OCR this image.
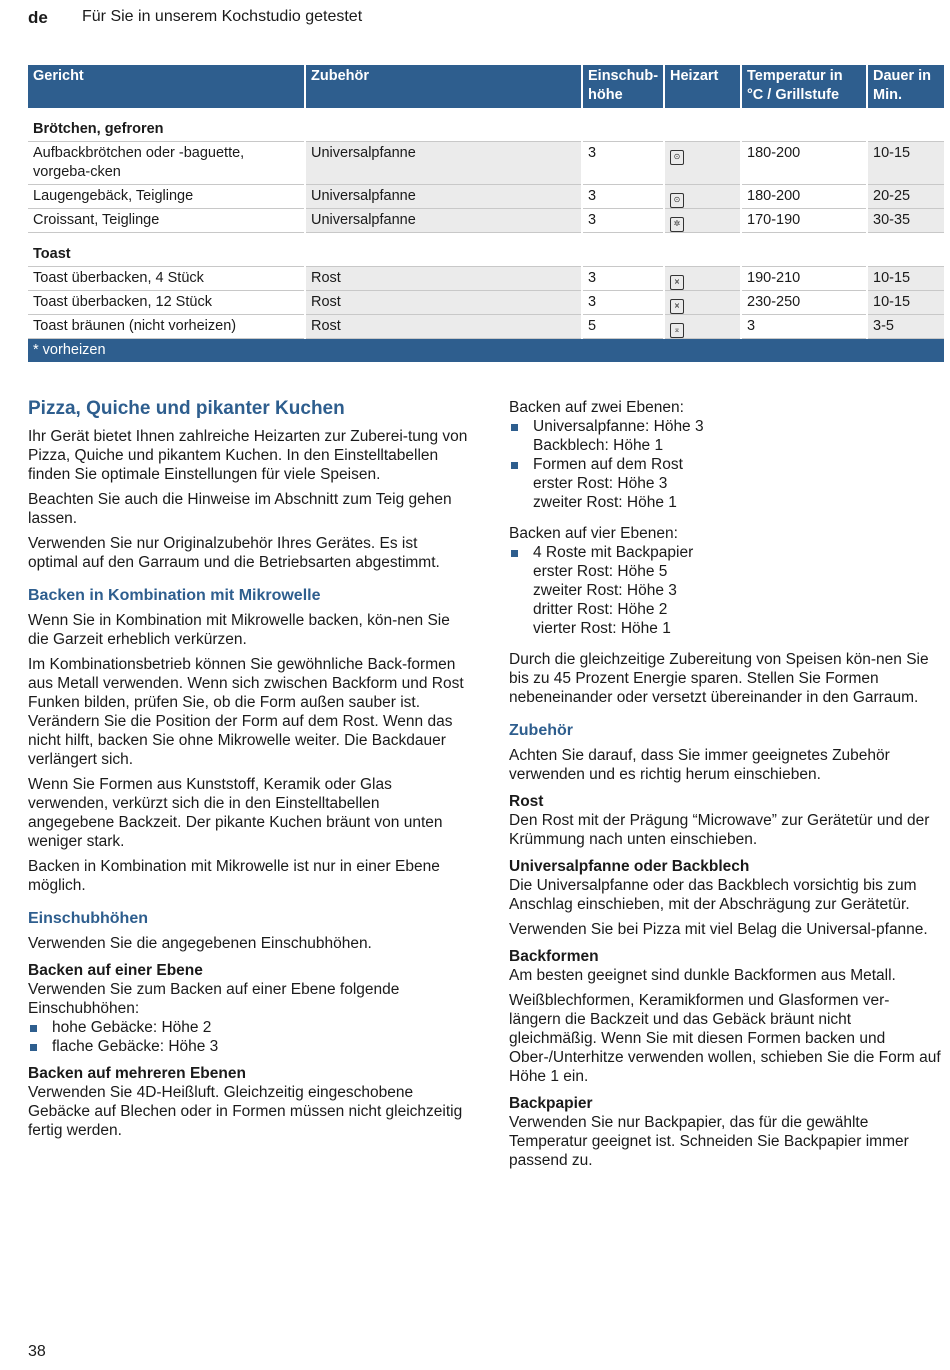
de Für Sie in unserem Kochstudio getestet
Gericht	Zubehör	Einschub-höhe	Heizart	Temperatur in °C / Grillstufe	Dauer in Min.
Brötchen, gefroren					
Aufbackbrötchen oder -baguette, vorgeba-cken	Universalpfanne	3	⊙	180-200	10-15
Laugengebäck, Teiglinge	Universalpfanne	3	⊙	180-200	20-25
Croissant, Teiglinge	Universalpfanne	3	✲	170-190	30-35
Toast					
Toast überbacken, 4 Stück	Rost	3	⩙	190-210	10-15
Toast überbacken, 12 Stück	Rost	3	⩙	230-250	10-15
Toast bräunen (nicht vorheizen)	Rost	5	⌅	3	3-5
* vorheizen					
Pizza, Quiche und pikanter Kuchen

Ihr Gerät bietet Ihnen zahlreiche Heizarten zur Zuberei-tung von Pizza, Quiche und pikantem Kuchen. In den Einstelltabellen finden Sie optimale Einstellungen für viele Speisen.

Beachten Sie auch die Hinweise im Abschnitt zum Teig gehen lassen.

Verwenden Sie nur Originalzubehör Ihres Gerätes. Es ist optimal auf den Garraum und die Betriebsarten abgestimmt.

Backen in Kombination mit Mikrowelle

Wenn Sie in Kombination mit Mikrowelle backen, kön-nen Sie die Garzeit erheblich verkürzen.

Im Kombinationsbetrieb können Sie gewöhnliche Back-formen aus Metall verwenden. Wenn sich zwischen Backform und Rost Funken bilden, prüfen Sie, ob die Form außen sauber ist. Verändern Sie die Position der Form auf dem Rost. Wenn das nicht hilft, backen Sie ohne Mikrowelle weiter. Die Backdauer verlängert sich.

Wenn Sie Formen aus Kunststoff, Keramik oder Glas verwenden, verkürzt sich die in den Einstelltabellen angegebene Backzeit. Der pikante Kuchen bräunt von unten weniger stark.

Backen in Kombination mit Mikrowelle ist nur in einer Ebene möglich.

Einschubhöhen

Verwenden Sie die angegebenen Einschubhöhen.

Backen auf einer Ebene

Verwenden Sie zum Backen auf einer Ebene folgende Einschubhöhen:

hohe Gebäcke: Höhe 2
flache Gebäcke: Höhe 3
Backen auf mehreren Ebenen

Verwenden Sie 4D-Heißluft. Gleichzeitig eingeschobene Gebäcke auf Blechen oder in Formen müssen nicht gleichzeitig fertig werden.

Backen auf zwei Ebenen:
Universalpfanne: Höhe 3
Backblech: Höhe 1
Formen auf dem Rost
erster Rost: Höhe 3
zweiter Rost: Höhe 1
Backen auf vier Ebenen:
4 Roste mit Backpapier
erster Rost: Höhe 5
zweiter Rost: Höhe 3
dritter Rost: Höhe 2
vierter Rost: Höhe 1

Durch die gleichzeitige Zubereitung von Speisen kön-nen Sie bis zu 45 Prozent Energie sparen. Stellen Sie Formen nebeneinander oder versetzt übereinander in den Garraum.

Zubehör

Achten Sie darauf, dass Sie immer geeignetes Zubehör verwenden und es richtig herum einschieben.

Rost

Den Rost mit der Prägung “Microwave” zur Gerätetür und der Krümmung nach unten einschieben.

Universalpfanne oder Backblech

Die Universalpfanne oder das Backblech vorsichtig bis zum Anschlag einschieben, mit der Abschrägung zur Gerätetür.

Verwenden Sie bei Pizza mit viel Belag die Universal-pfanne.

Backformen

Am besten geeignet sind dunkle Backformen aus Metall.

Weißblechformen, Keramikformen und Glasformen ver-längern die Backzeit und das Gebäck bräunt nicht gleichmäßig. Wenn Sie mit diesen Formen backen und Ober-/Unterhitze verwenden wollen, schieben Sie die Form auf Höhe 1 ein.

Backpapier

Verwenden Sie nur Backpapier, das für die gewählte Temperatur geeignet ist. Schneiden Sie Backpapier immer passend zu.

38
